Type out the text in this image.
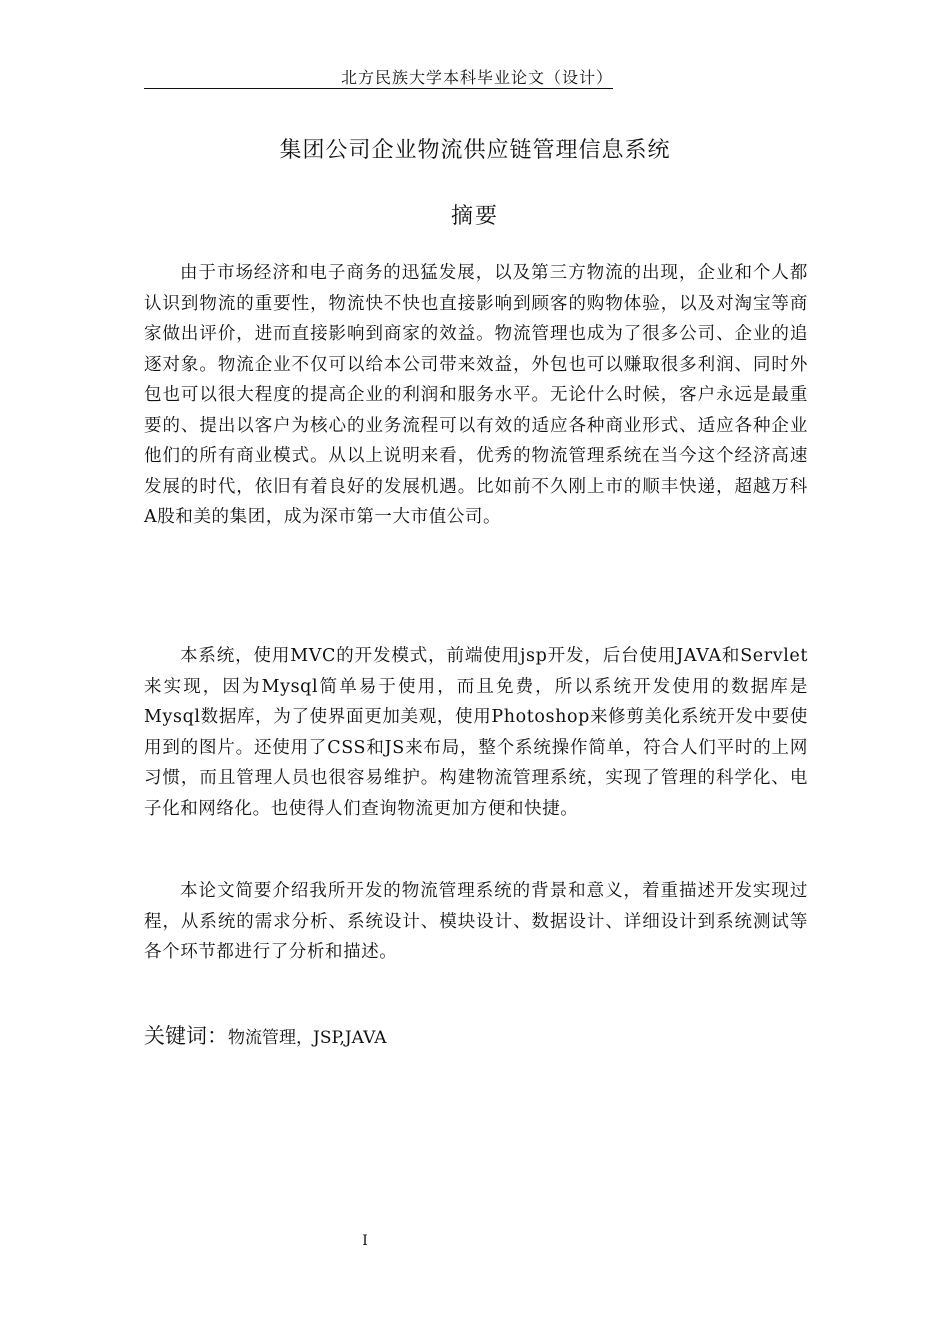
北方民族大学本科毕业论文（设计）
集团公司企业物流供应链管理信息系统
摘要

由于市场经济和电子商务的迅猛发展，以及第三方物流的出现，企业和个人都认识到物流的重要性，物流快不快也直接影响到顾客的购物体验，以及对淘宝等商家做出评价，进而直接影响到商家的效益。物流管理也成为了很多公司、企业的追逐对象。物流企业不仅可以给本公司带来效益，外包也可以赚取很多利润、同时外包也可以很大程度的提高企业的利润和服务水平。无论什么时候，客户永远是最重要的、提出以客户为核心的业务流程可以有效的适应各种商业形式、适应各种企业他们的所有商业模式。从以上说明来看，优秀的物流管理系统在当今这个经济高速发展的时代，依旧有着良好的发展机遇。比如前不久刚上市的顺丰快递，超越万科A股和美的集团，成为深市第一大市值公司。

本系统，使用MVC的开发模式，前端使用jsp开发，后台使用JAVA和Servlet来实现，因为Mysql简单易于使用，而且免费，所以系统开发使用的数据库是Mysql数据库，为了使界面更加美观，使用Photoshop来修剪美化系统开发中要使用到的图片。还使用了CSS和JS来布局，整个系统操作简单，符合人们平时的上网习惯，而且管理人员也很容易维护。构建物流管理系统，实现了管理的科学化、电子化和网络化。也使得人们查询物流更加方便和快捷。

本论文简要介绍我所开发的物流管理系统的背景和意义，着重描述开发实现过程，从系统的需求分析、系统设计、模块设计、数据设计、详细设计到系统测试等各个环节都进行了分析和描述。

关键词：物流管理，JSP,JAVA
I
